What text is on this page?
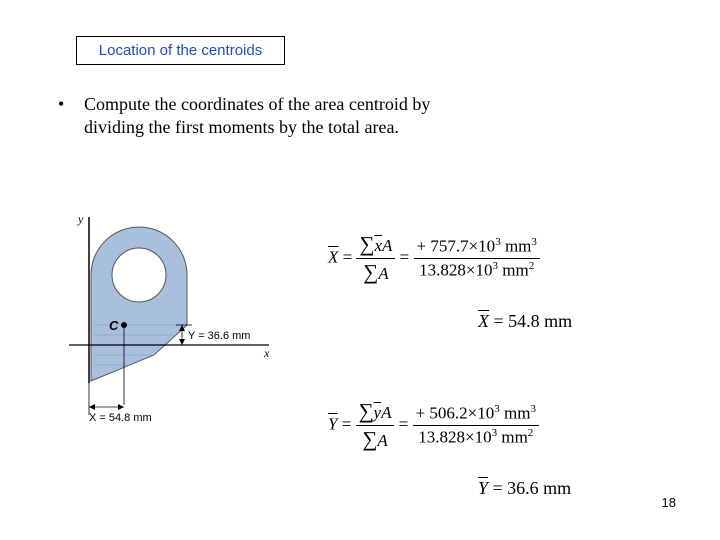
Location of the centroids
•	Compute the coordinates of the area centroid by dividing the first moments by the total area.
y
x
C
Y = 36.6 mm
X = 54.8 mm
$\overline{X} = \frac{\sum\overline{x}A}{\sum A} = \frac{+ 757.7\times 10^3 mm^3}{13.828\times 10^3 mm^2}$
$\overline{X} = 54.8$ mm
$\overline{Y} = \frac{\sum\overline{y}A}{\sum A} = \frac{+ 506.2\times 10^3 mm^3}{13.828\times 10^3 mm^2}$
$\overline{Y} = 36.6$ mm
18
